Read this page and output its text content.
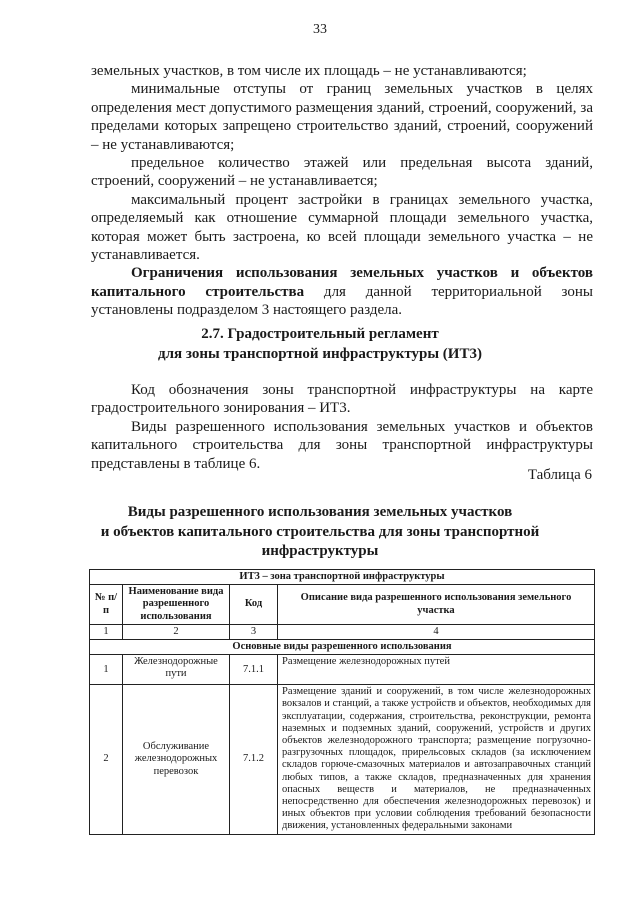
33

земельных участков, в том числе их площадь – не устанавливаются;

минимальные отступы от границ земельных участков в целях определения мест допустимого размещения зданий, строений, сооружений, за пределами которых запрещено строительство зданий, строений, сооружений – не устанавливаются;

предельное количество этажей или предельная высота зданий, строений, сооружений – не устанавливается;

максимальный процент застройки в границах земельного участка, определяемый как отношение суммарной площади земельного участка, которая может быть застроена, ко всей площади земельного участка – не устанавливается.

Ограничения использования земельных участков и объектов капитального строительства для данной территориальной зоны установлены подразделом 3 настоящего раздела.

2.7. Градостроительный регламент
для зоны транспортной инфраструктуры (ИТ3)

Код обозначения зоны транспортной инфраструктуры на карте градостроительного зонирования – ИТ3.

Виды разрешенного использования земельных участков и объектов капитального строительства для зоны транспортной инфраструктуры представлены в таблице 6.

Таблица 6
Виды разрешенного использования земельных участков
и объектов капитального строительства для зоны транспортной
инфраструктуры
ИТ3 – зона транспортной инфраструктуры			
№ п/п	Наименование вида разрешенного использования	Код	Описание вида разрешенного использования земельного участка
1	2	3	4
Основные виды разрешенного использования			
1	Железнодорожные пути	7.1.1	Размещение железнодорожных путей
2	Обслуживание железнодорожных перевозок	7.1.2	Размещение зданий и сооружений, в том числе железнодорожных вокзалов и станций, а также устройств и объектов, необходимых для эксплуатации, содержания, строительства, реконструкции, ремонта наземных и подземных зданий, сооружений, устройств и других объектов железнодорожного транспорта; размещение погрузочно-разгрузочных площадок, прирельсовых складов (за исключением складов горюче-смазочных материалов и автозаправочных станций любых типов, а также складов, предназначенных для хранения опасных веществ и материалов, не предназначенных непосредственно для обеспечения железнодорожных перевозок) и иных объектов при условии соблюдения требований безопасности движения, установленных федеральными законами
